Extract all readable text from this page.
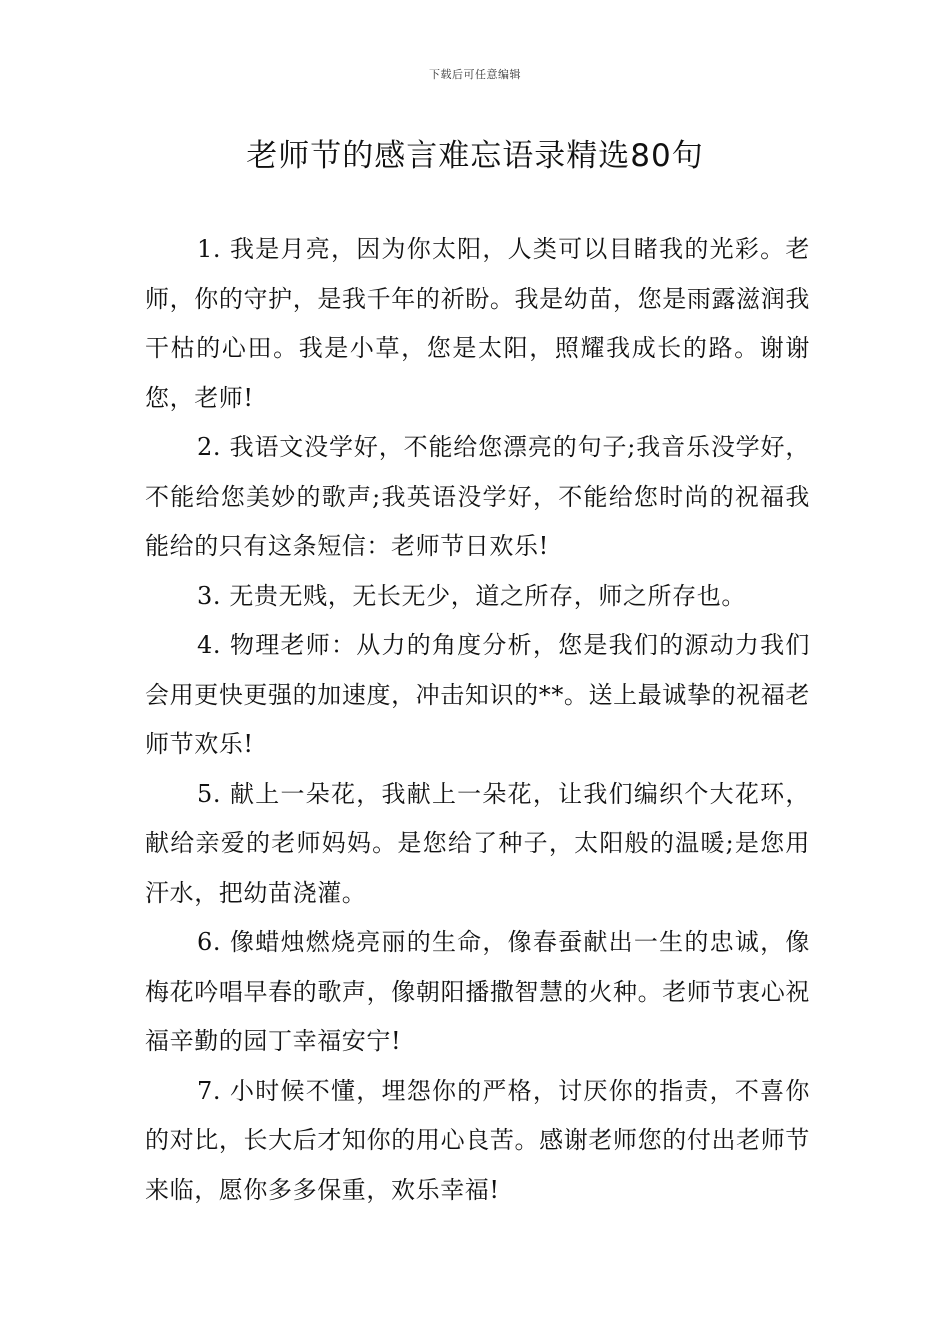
下载后可任意编辑
老师节的感言难忘语录精选80句

1. 我是月亮，因为你太阳，人类可以目睹我的光彩。老师，你的守护，是我千年的祈盼。我是幼苗，您是雨露滋润我干枯的心田。我是小草，您是太阳，照耀我成长的路。谢谢您，老师!

2. 我语文没学好，不能给您漂亮的句子;我音乐没学好，不能给您美妙的歌声;我英语没学好，不能给您时尚的祝福我能给的只有这条短信：老师节日欢乐!

3. 无贵无贱，无长无少，道之所存，师之所存也。

4. 物理老师：从力的角度分析，您是我们的源动力我们会用更快更强的加速度，冲击知识的**。送上最诚挚的祝福老师节欢乐!

5. 献上一朵花，我献上一朵花，让我们编织个大花环，献给亲爱的老师妈妈。是您给了种子，太阳般的温暖;是您用汗水，把幼苗浇灌。

6. 像蜡烛燃烧亮丽的生命，像春蚕献出一生的忠诚，像梅花吟唱早春的歌声，像朝阳播撒智慧的火种。老师节衷心祝福辛勤的园丁幸福安宁!

7. 小时候不懂，埋怨你的严格，讨厌你的指责，不喜你的对比，长大后才知你的用心良苦。感谢老师您的付出老师节来临，愿你多多保重，欢乐幸福!
